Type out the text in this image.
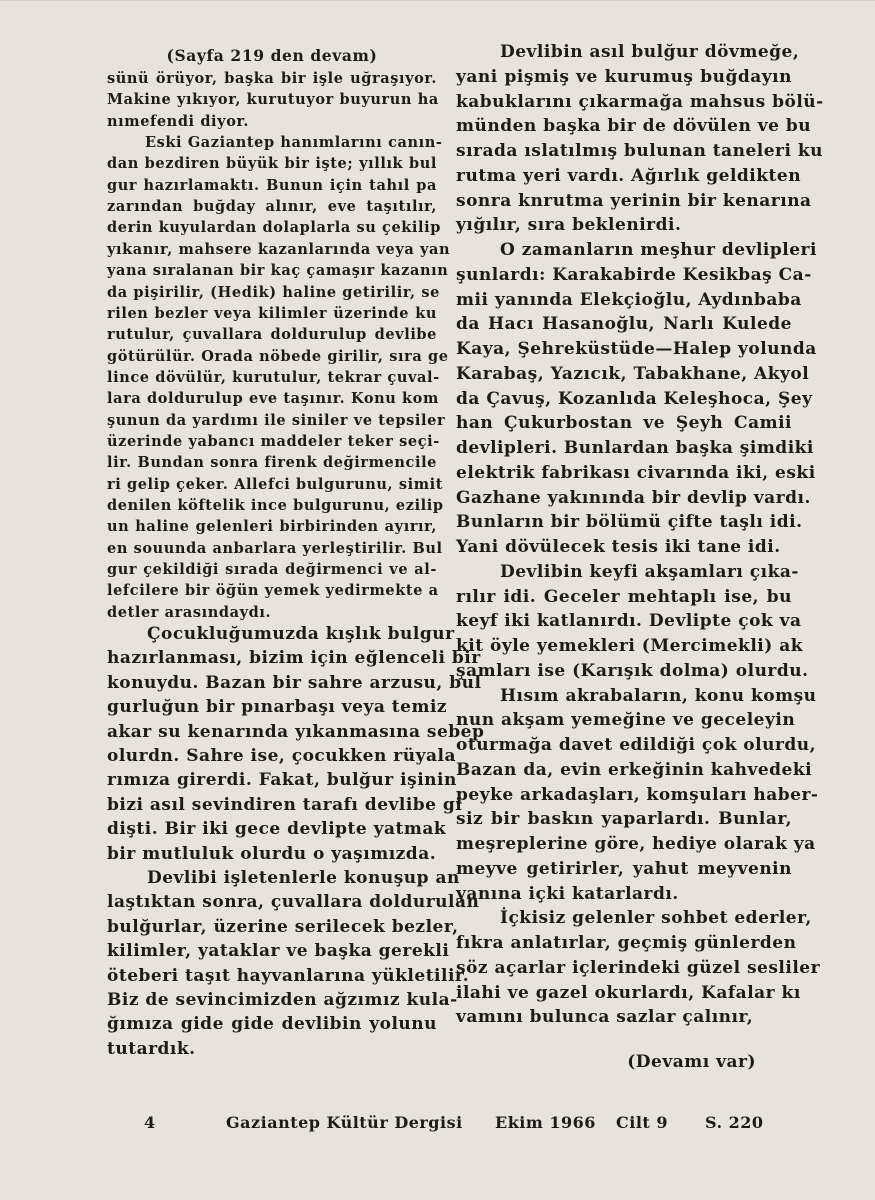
(Sayfa 219 den devam)
sünü örüyor, başka bir işle uğraşıyor.
Makine yıkıyor, kurutuyor buyurun ha
nımefendi diyor.
Eski Gaziantep hanımlarını canın-
dan bezdiren büyük bir işte; yıllık bul
gur hazırlamaktı. Bunun için tahıl pa
zarından buğday alınır, eve taşıtılır,
derin kuyulardan dolaplarla su çekilip
yıkanır, mahsere kazanlarında veya yan
yana sıralanan bir kaç çamaşır kazanın
da pişirilir, (Hedik) haline getirilir, se
rilen bezler veya kilimler üzerinde ku
rutulur, çuvallara doldurulup devlibe
götürülür. Orada nöbede girilir, sıra ge
lince dövülür, kurutulur, tekrar çuval-
lara doldurulup eve taşınır. Konu kom
şunun da yardımı ile siniler ve tepsiler
üzerinde yabancı maddeler teker seçi-
lir. Bundan sonra firenk değirmencile
ri gelip çeker. Allefci bulgurunu, simit
denilen köftelik ince bulgurunu, ezilip
un haline gelenleri birbirinden ayırır,
en souunda anbarlara yerleştirilir. Bul
gur çekildiği sırada değirmenci ve al-
lefcilere bir öğün yemek yedirmekte a
detler arasındaydı.
Çocukluğumuzda kışlık bulgur
hazırlanması, bizim için eğlenceli bir
konuydu. Bazan bir sahre arzusu, bul
gurluğun bir pınarbaşı veya temiz
akar su kenarında yıkanmasına sebep
olurdn. Sahre ise, çocukken rüyala
rımıza girerdi. Fakat, bulğur işinin
bizi asıl sevindiren tarafı devlibe gi
dişti. Bir iki gece devlipte yatmak
bir mutluluk olurdu o yaşımızda.
Devlibi işletenlerle konuşup an
laştıktan sonra, çuvallara doldurulan
bulğurlar, üzerine serilecek bezler,
kilimler, yataklar ve başka gerekli
öteberi taşıt hayvanlarına yükletilir.
Biz de sevincimizden ağzımız kula-
ğımıza gide gide devlibin yolunu
tutardık.
Devlibin asıl bulğur dövmeğe,
yani pişmiş ve kurumuş buğdayın
kabuklarını çıkarmağa mahsus bölü-
münden başka bir de dövülen ve bu
sırada ıslatılmış bulunan taneleri ku
rutma yeri vardı. Ağırlık geldikten
sonra knrutma yerinin bir kenarına
yığılır, sıra beklenirdi.
O zamanların meşhur devlipleri
şunlardı: Karakabirde Kesikbaş Ca-
mii yanında Elekçioğlu, Aydınbaba
da Hacı Hasanoğlu, Narlı Kulede
Kaya, Şehreküstüde—Halep yolunda
Karabaş, Yazıcık, Tabakhane, Akyol
da Çavuş, Kozanlıda Keleşhoca, Şey
han Çukurbostan ve Şeyh Camii
devlipleri. Bunlardan başka şimdiki
elektrik fabrikası civarında iki, eski
Gazhane yakınında bir devlip vardı.
Bunların bir bölümü çifte taşlı idi.
Yani dövülecek tesis iki tane idi.
Devlibin keyfi akşamları çıka-
rılır idi. Geceler mehtaplı ise, bu
keyf iki katlanırdı. Devlipte çok va
kit öyle yemekleri (Mercimekli) ak
şamları ise (Karışık dolma) olurdu.
Hısım akrabaların, konu komşu
nun akşam yemeğine ve geceleyin
oturmağa davet edildiği çok olurdu,
Bazan da, evin erkeğinin kahvedeki
peyke arkadaşları, komşuları haber-
siz bir baskın yaparlardı. Bunlar,
meşreplerine göre, hediye olarak ya
meyve getirirler, yahut meyvenin
yanına içki katarlardı.
İçkisiz gelenler sohbet ederler,
fıkra anlatırlar, geçmiş günlerden
söz açarlar içlerindeki güzel sesliler
ilahi ve gazel okurlardı, Kafalar kı
vamını bulunca sazlar çalınır,
(Devamı var)
4	Gaziantep Kültür Dergisi Ekim 1966 Cilt 9 S. 220
